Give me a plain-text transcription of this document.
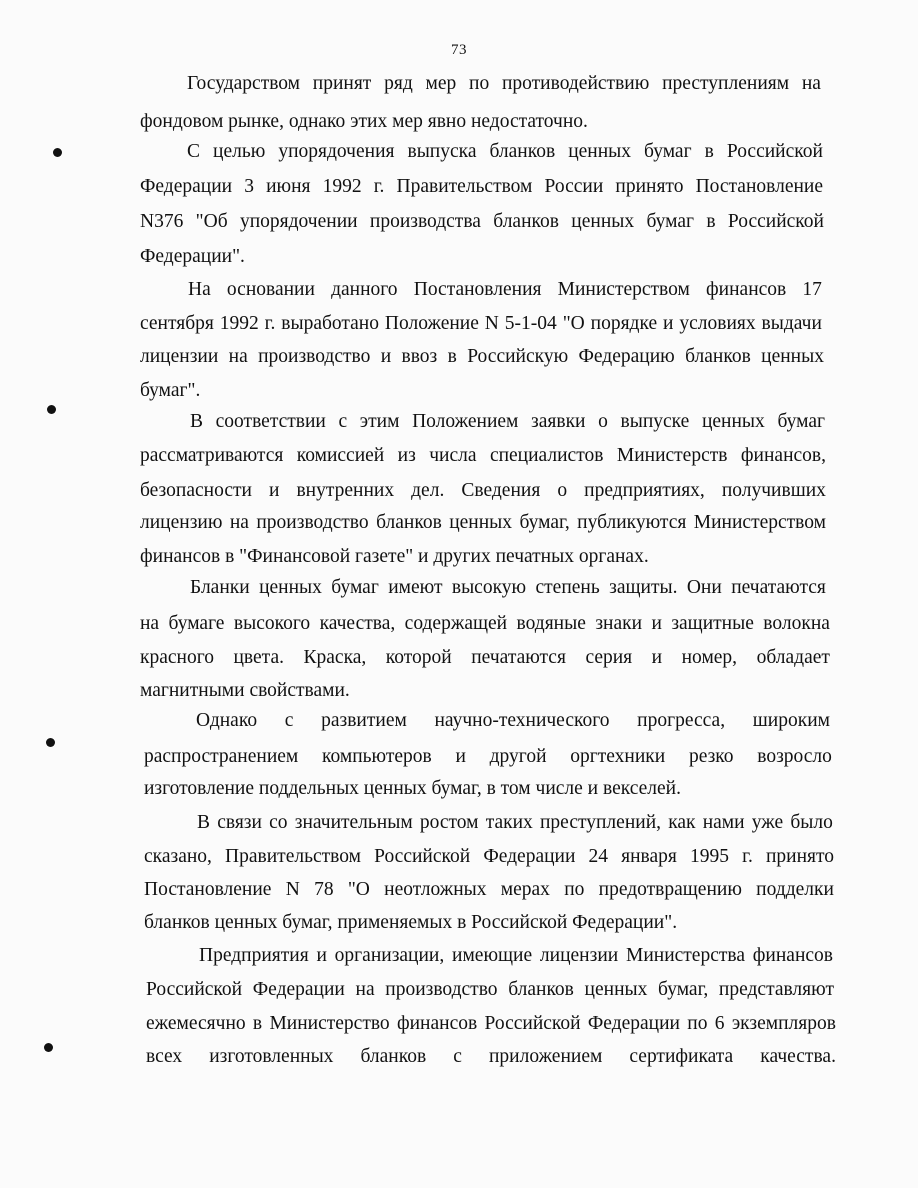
73
Государством принят ряд мер по противодействию преступлениям на
фондовом рынке, однако этих мер явно недостаточно.
С целью упорядочения выпуска бланков ценных бумаг в Российской
Федерации 3 июня 1992 г. Правительством России принято Постановление
N376 "Об упорядочении производства бланков ценных бумаг в Российской
Федерации".
На основании данного Постановления Министерством финансов 17
сентября 1992 г. выработано Положение N 5-1-04 "О порядке и условиях выдачи
лицензии на производство и ввоз в Российскую Федерацию бланков ценных
бумаг".
В соответствии с этим Положением заявки о выпуске ценных бумаг
рассматриваются комиссией из числа специалистов Министерств финансов,
безопасности и внутренних дел. Сведения о предприятиях, получивших
лицензию на производство бланков ценных бумаг, публикуются Министерством
финансов в "Финансовой газете" и других печатных органах.
Бланки ценных бумаг имеют высокую степень защиты. Они печатаются
на бумаге высокого качества, содержащей водяные знаки и защитные волокна
красного цвета. Краска, которой печатаются серия и номер, обладает
магнитными свойствами.
Однако с развитием научно-технического прогресса, широким
распространением компьютеров и другой оргтехники резко возросло
изготовление поддельных ценных бумаг, в том числе и векселей.
В связи со значительным ростом таких преступлений, как нами уже было
сказано, Правительством Российской Федерации 24 января 1995 г. принято
Постановление N 78 "О неотложных мерах по предотвращению подделки
бланков ценных бумаг, применяемых в Российской Федерации".
Предприятия и организации, имеющие лицензии Министерства финансов
Российской Федерации на производство бланков ценных бумаг, представляют
ежемесячно в Министерство финансов Российской Федерации по 6 экземпляров
всех изготовленных бланков с приложением сертификата качества.
